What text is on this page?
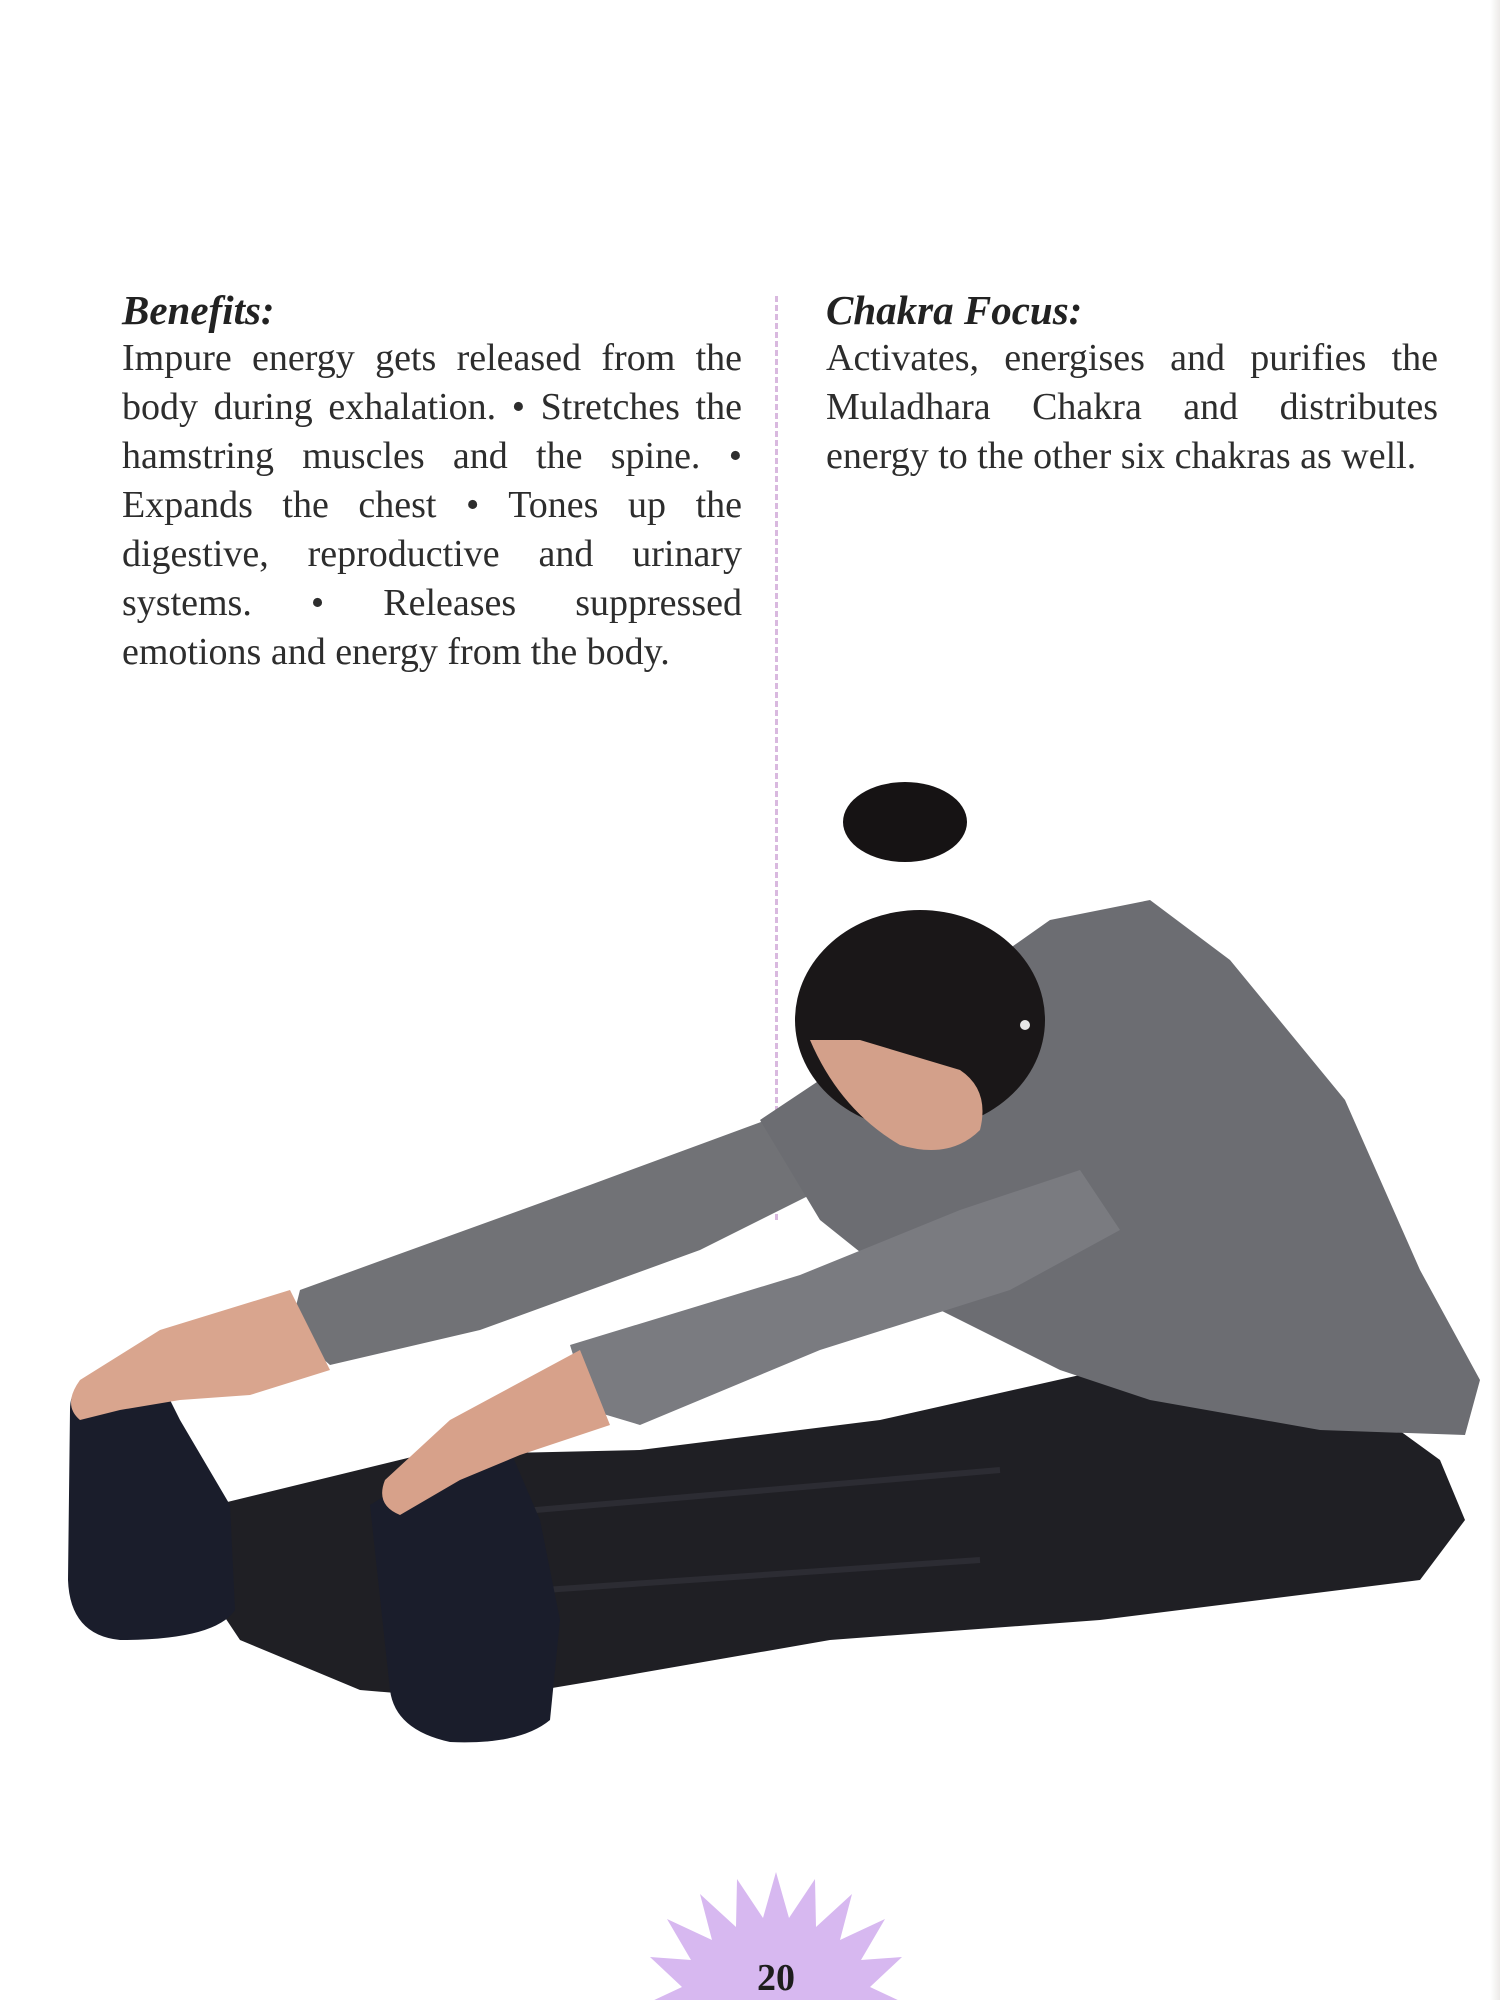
Benefits:

Impure energy gets released from the body during exhalation. • Stretches the hamstring muscles and the spine. • Expands the chest • Tones up the digestive, reproductive and urinary systems. • Releases suppressed emotions and energy from the body.

Chakra Focus:

Activates, energises and purifies the Muladhara Chakra and distributes energy to the other six chakras as well.

20
